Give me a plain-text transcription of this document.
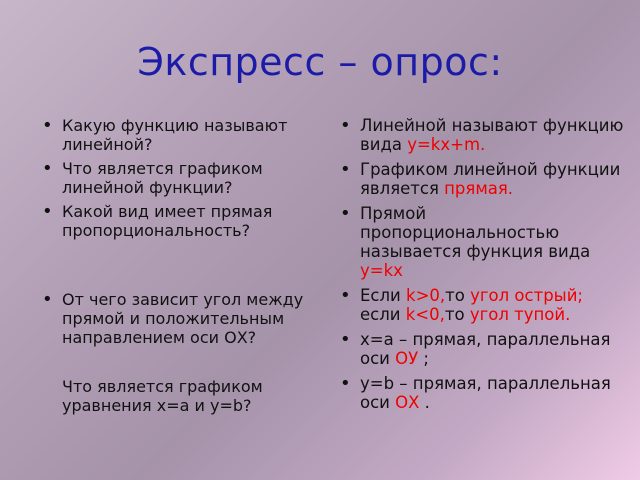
Экспресс – опрос:
• Какую функцию называют линейной?
• Что является графиком линейной функции?
• Какой вид имеет прямая пропорциональность?
• От чего зависит угол между прямой и положительным направлением оси ОХ?
Что является графиком уравнения х=а и у=b?
• Линейной называют функцию вида y=kx+m.
• Графиком линейной функции является прямая.
• Прямой пропорциональностью называется функция вида y=kx
• Если k>0,то угол острый;
если k<0,то угол тупой.
• х=а – прямая, параллельная оси ОУ ;
• у=b – прямая, параллельная оси ОХ .
